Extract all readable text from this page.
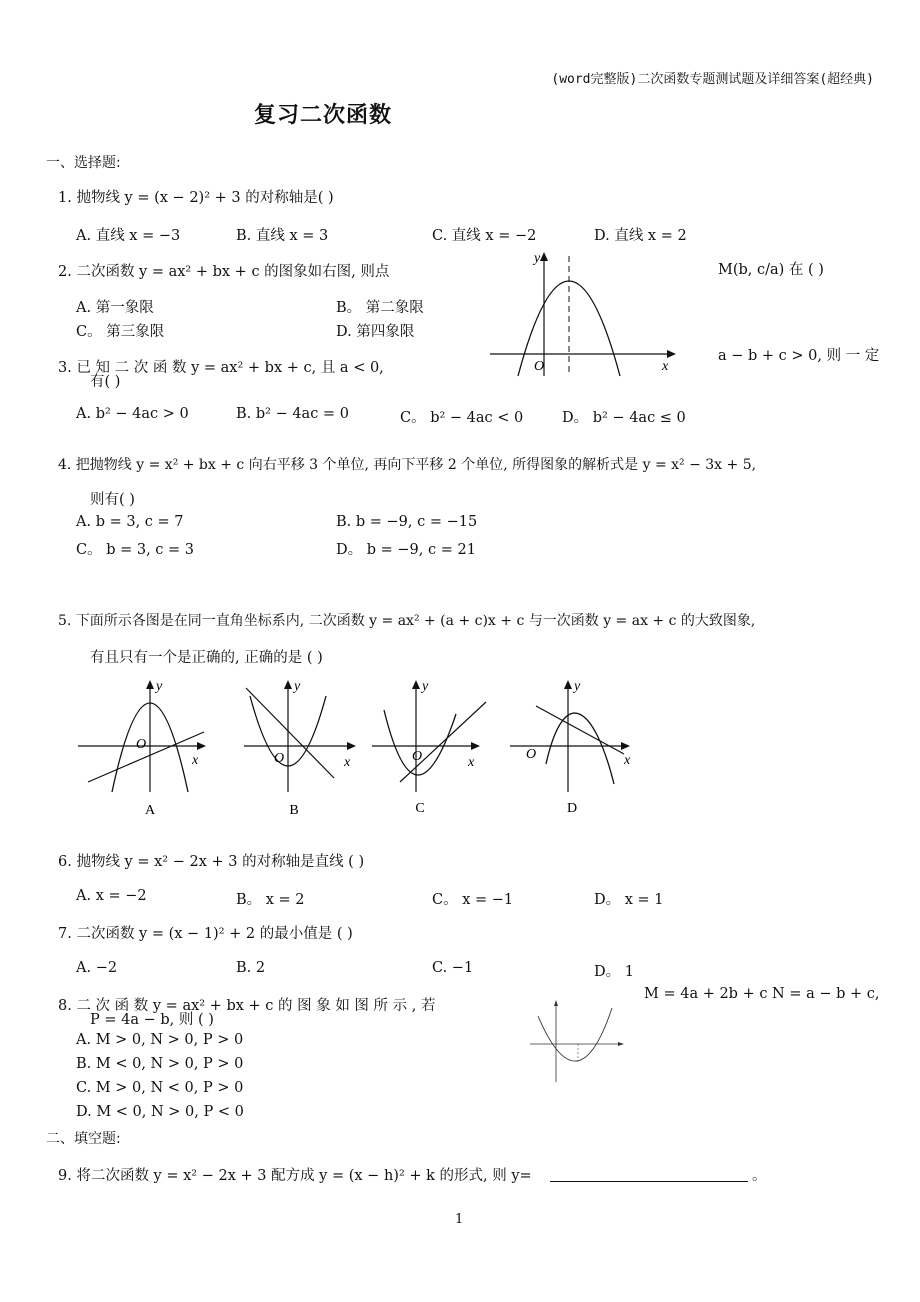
(word完整版)二次函数专题测试题及详细答案(超经典)
复习二次函数
一、选择题:
1. 抛物线 y = (x − 2)² + 3 的对称轴是( )
A. 直线 x = −3	B. 直线 x = 3	C. 直线 x = −2	D. 直线 x = 2
2. 二次函数 y = ax² + bx + c 的图象如右图, 则点	M(b, c/a) 在 ( )
A. 第一象限	B。 第二象限
C。 第三象限	D. 第四象限
O	x
y
3. 已 知 二 次 函 数 y = ax² + bx + c, 且 a < 0,
a − b + c > 0, 则 一 定
有( )
A. b² − 4ac > 0	B. b² − 4ac = 0	C。 b² − 4ac < 0	D。 b² − 4ac ≤ 0
4. 把抛物线 y = x² + bx + c 向右平移 3 个单位, 再向下平移 2 个单位, 所得图象的解析式是 y = x² − 3x + 5,
则有( )
A. b = 3, c = 7	B. b = −9, c = −15
C。 b = 3, c = 3	D。 b = −9, c = 21
5. 下面所示各图是在同一直角坐标系内, 二次函数 y = ax² + (a + c)x + c 与一次函数 y = ax + c 的大致图象,
有且只有一个是正确的, 正确的是 ( )
O
x
y
A
O	x
y
B
O	x
y
C
O	x
y
D
6. 抛物线 y = x² − 2x + 3 的对称轴是直线 ( )
A. x = −2	B。 x = 2	C。 x = −1	D。 x = 1
7. 二次函数 y = (x − 1)² + 2 的最小值是 ( )
A. −2	B. 2	C. −1	D。 1
8. 二 次 函 数 y = ax² + bx + c 的 图 象 如 图 所 示 , 若
M = 4a + 2b + c N = a − b + c,
P = 4a − b, 则 ( )
A. M > 0, N > 0, P > 0
B. M < 0, N > 0, P > 0
C. M > 0, N < 0, P > 0
D. M < 0, N > 0, P < 0
二、填空题:
9. 将二次函数 y = x² − 2x + 3 配方成 y = (x − h)² + k 的形式, 则 y=	。
1
